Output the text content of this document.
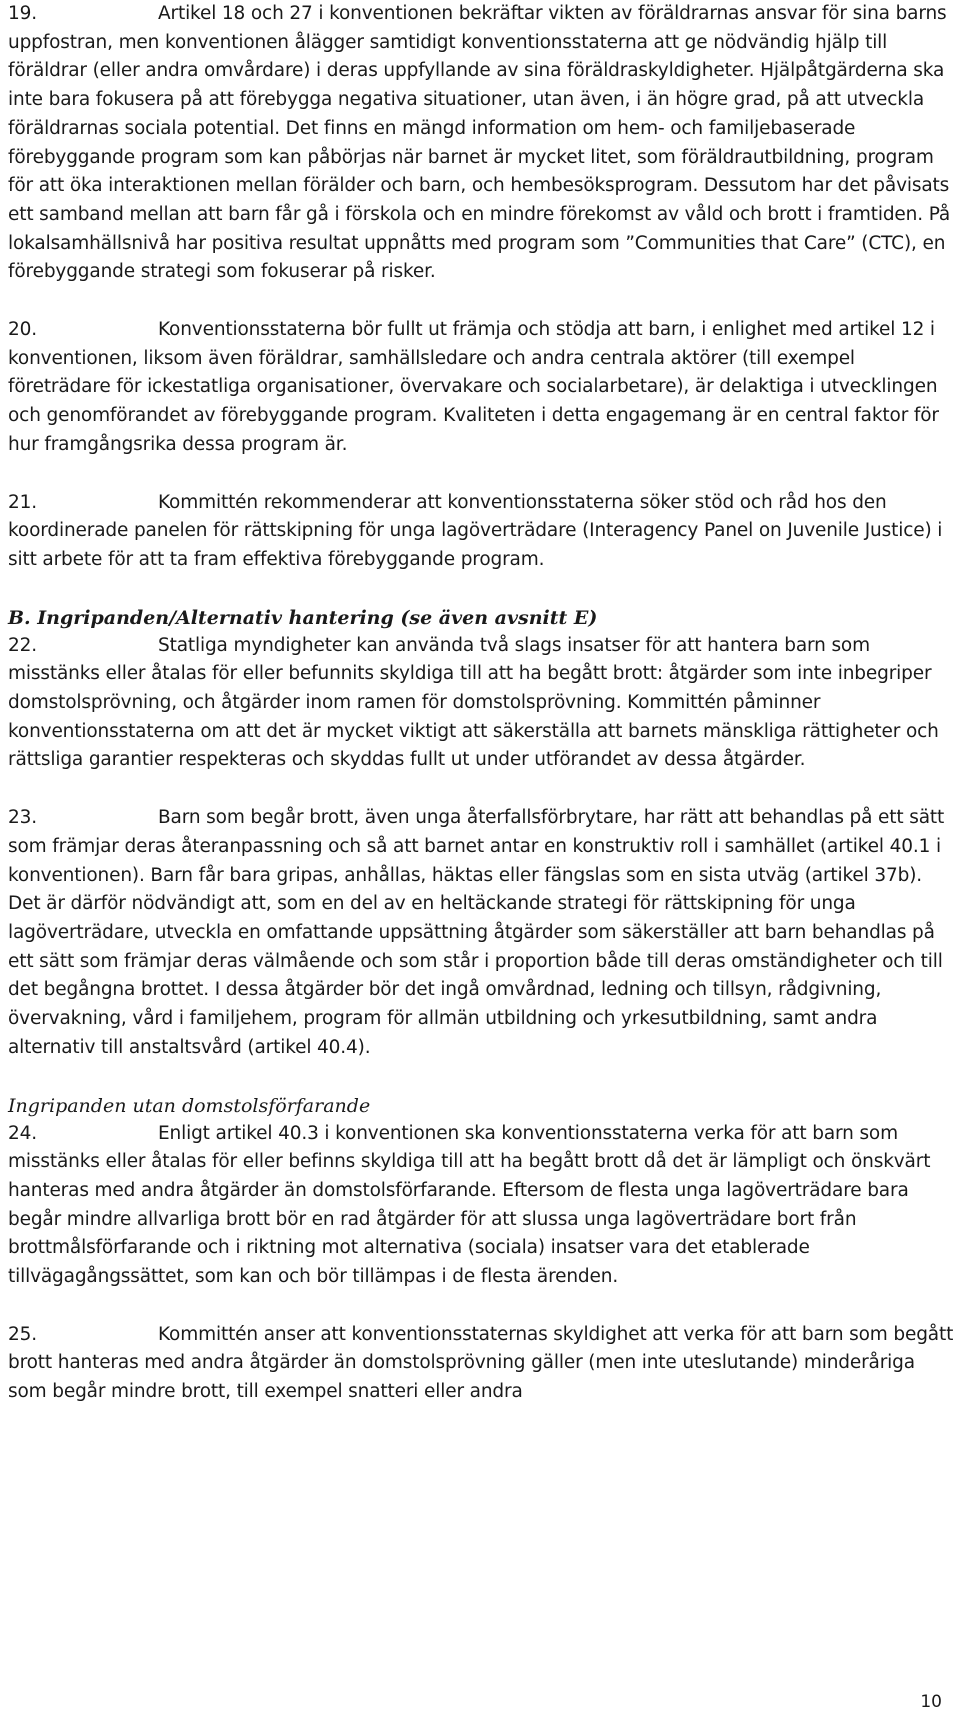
19.	Artikel 18 och 27 i konventionen bekräftar vikten av föräldrarnas ansvar för sina barns uppfostran, men konventionen ålägger samtidigt konventionsstaterna att ge nödvändig hjälp till föräldrar (eller andra omvårdare) i deras uppfyllande av sina föräldraskyldigheter. Hjälpåtgärderna ska inte bara fokusera på att förebygga negativa situationer, utan även, i än högre grad, på att utveckla föräldrarnas sociala potential. Det finns en mängd information om hem- och familjebaserade förebyggande program som kan påbörjas när barnet är mycket litet, som föräldrautbildning, program för att öka interaktionen mellan förälder och barn, och hembesöksprogram. Dessutom har det påvisats ett samband mellan att barn får gå i förskola och en mindre förekomst av våld och brott i framtiden. På lokalsamhällsnivå har positiva resultat uppnåtts med program som ”Communities that Care” (CTC), en förebyggande strategi som fokuserar på risker.

20.	Konventionsstaterna bör fullt ut främja och stödja att barn, i enlighet med artikel 12 i konventionen, liksom även föräldrar, samhällsledare och andra centrala aktörer (till exempel företrädare för ickestatliga organisationer, övervakare och socialarbetare), är delaktiga i utvecklingen och genomförandet av förebyggande program. Kvaliteten i detta engagemang är en central faktor för hur framgångsrika dessa program är.

21.	Kommittén rekommenderar att konventionsstaterna söker stöd och råd hos den koordinerade panelen för rättskipning för unga lagöverträdare (Interagency Panel on Juvenile Justice) i sitt arbete för att ta fram effektiva förebyggande program.

B. Ingripanden/Alternativ hantering (se även avsnitt E)

22.	Statliga myndigheter kan använda två slags insatser för att hantera barn som misstänks eller åtalas för eller befunnits skyldiga till att ha begått brott: åtgärder som inte inbegriper domstolsprövning, och åtgärder inom ramen för domstolsprövning. Kommittén påminner konventionsstaterna om att det är mycket viktigt att säkerställa att barnets mänskliga rättigheter och rättsliga garantier respekteras och skyddas fullt ut under utförandet av dessa åtgärder.

23.	Barn som begår brott, även unga återfallsförbrytare, har rätt att behandlas på ett sätt som främjar deras återanpassning och så att barnet antar en konstruktiv roll i samhället (artikel 40.1 i konventionen). Barn får bara gripas, anhållas, häktas eller fängslas som en sista utväg (artikel 37b). Det är därför nödvändigt att, som en del av en heltäckande strategi för rättskipning för unga lagöverträdare, utveckla en omfattande uppsättning åtgärder som säkerställer att barn behandlas på ett sätt som främjar deras välmående och som står i proportion både till deras omständigheter och till det begångna brottet. I dessa åtgärder bör det ingå omvårdnad, ledning och tillsyn, rådgivning, övervakning, vård i familjehem, program för allmän utbildning och yrkesutbildning, samt andra alternativ till anstaltsvård (artikel 40.4).

Ingripanden utan domstolsförfarande

24.	Enligt artikel 40.3 i konventionen ska konventionsstaterna verka för att barn som misstänks eller åtalas för eller befinns skyldiga till att ha begått brott då det är lämpligt och önskvärt hanteras med andra åtgärder än domstolsförfarande. Eftersom de flesta unga lagöverträdare bara begår mindre allvarliga brott bör en rad åtgärder för att slussa unga lagöverträdare bort från brottmålsförfarande och i riktning mot alternativa (sociala) insatser vara det etablerade tillvägagångssättet, som kan och bör tillämpas i de flesta ärenden.

25.	Kommittén anser att konventionsstaternas skyldighet att verka för att barn som begått brott hanteras med andra åtgärder än domstolsprövning gäller (men inte uteslutande) minderåriga som begår mindre brott, till exempel snatteri eller andra

10
